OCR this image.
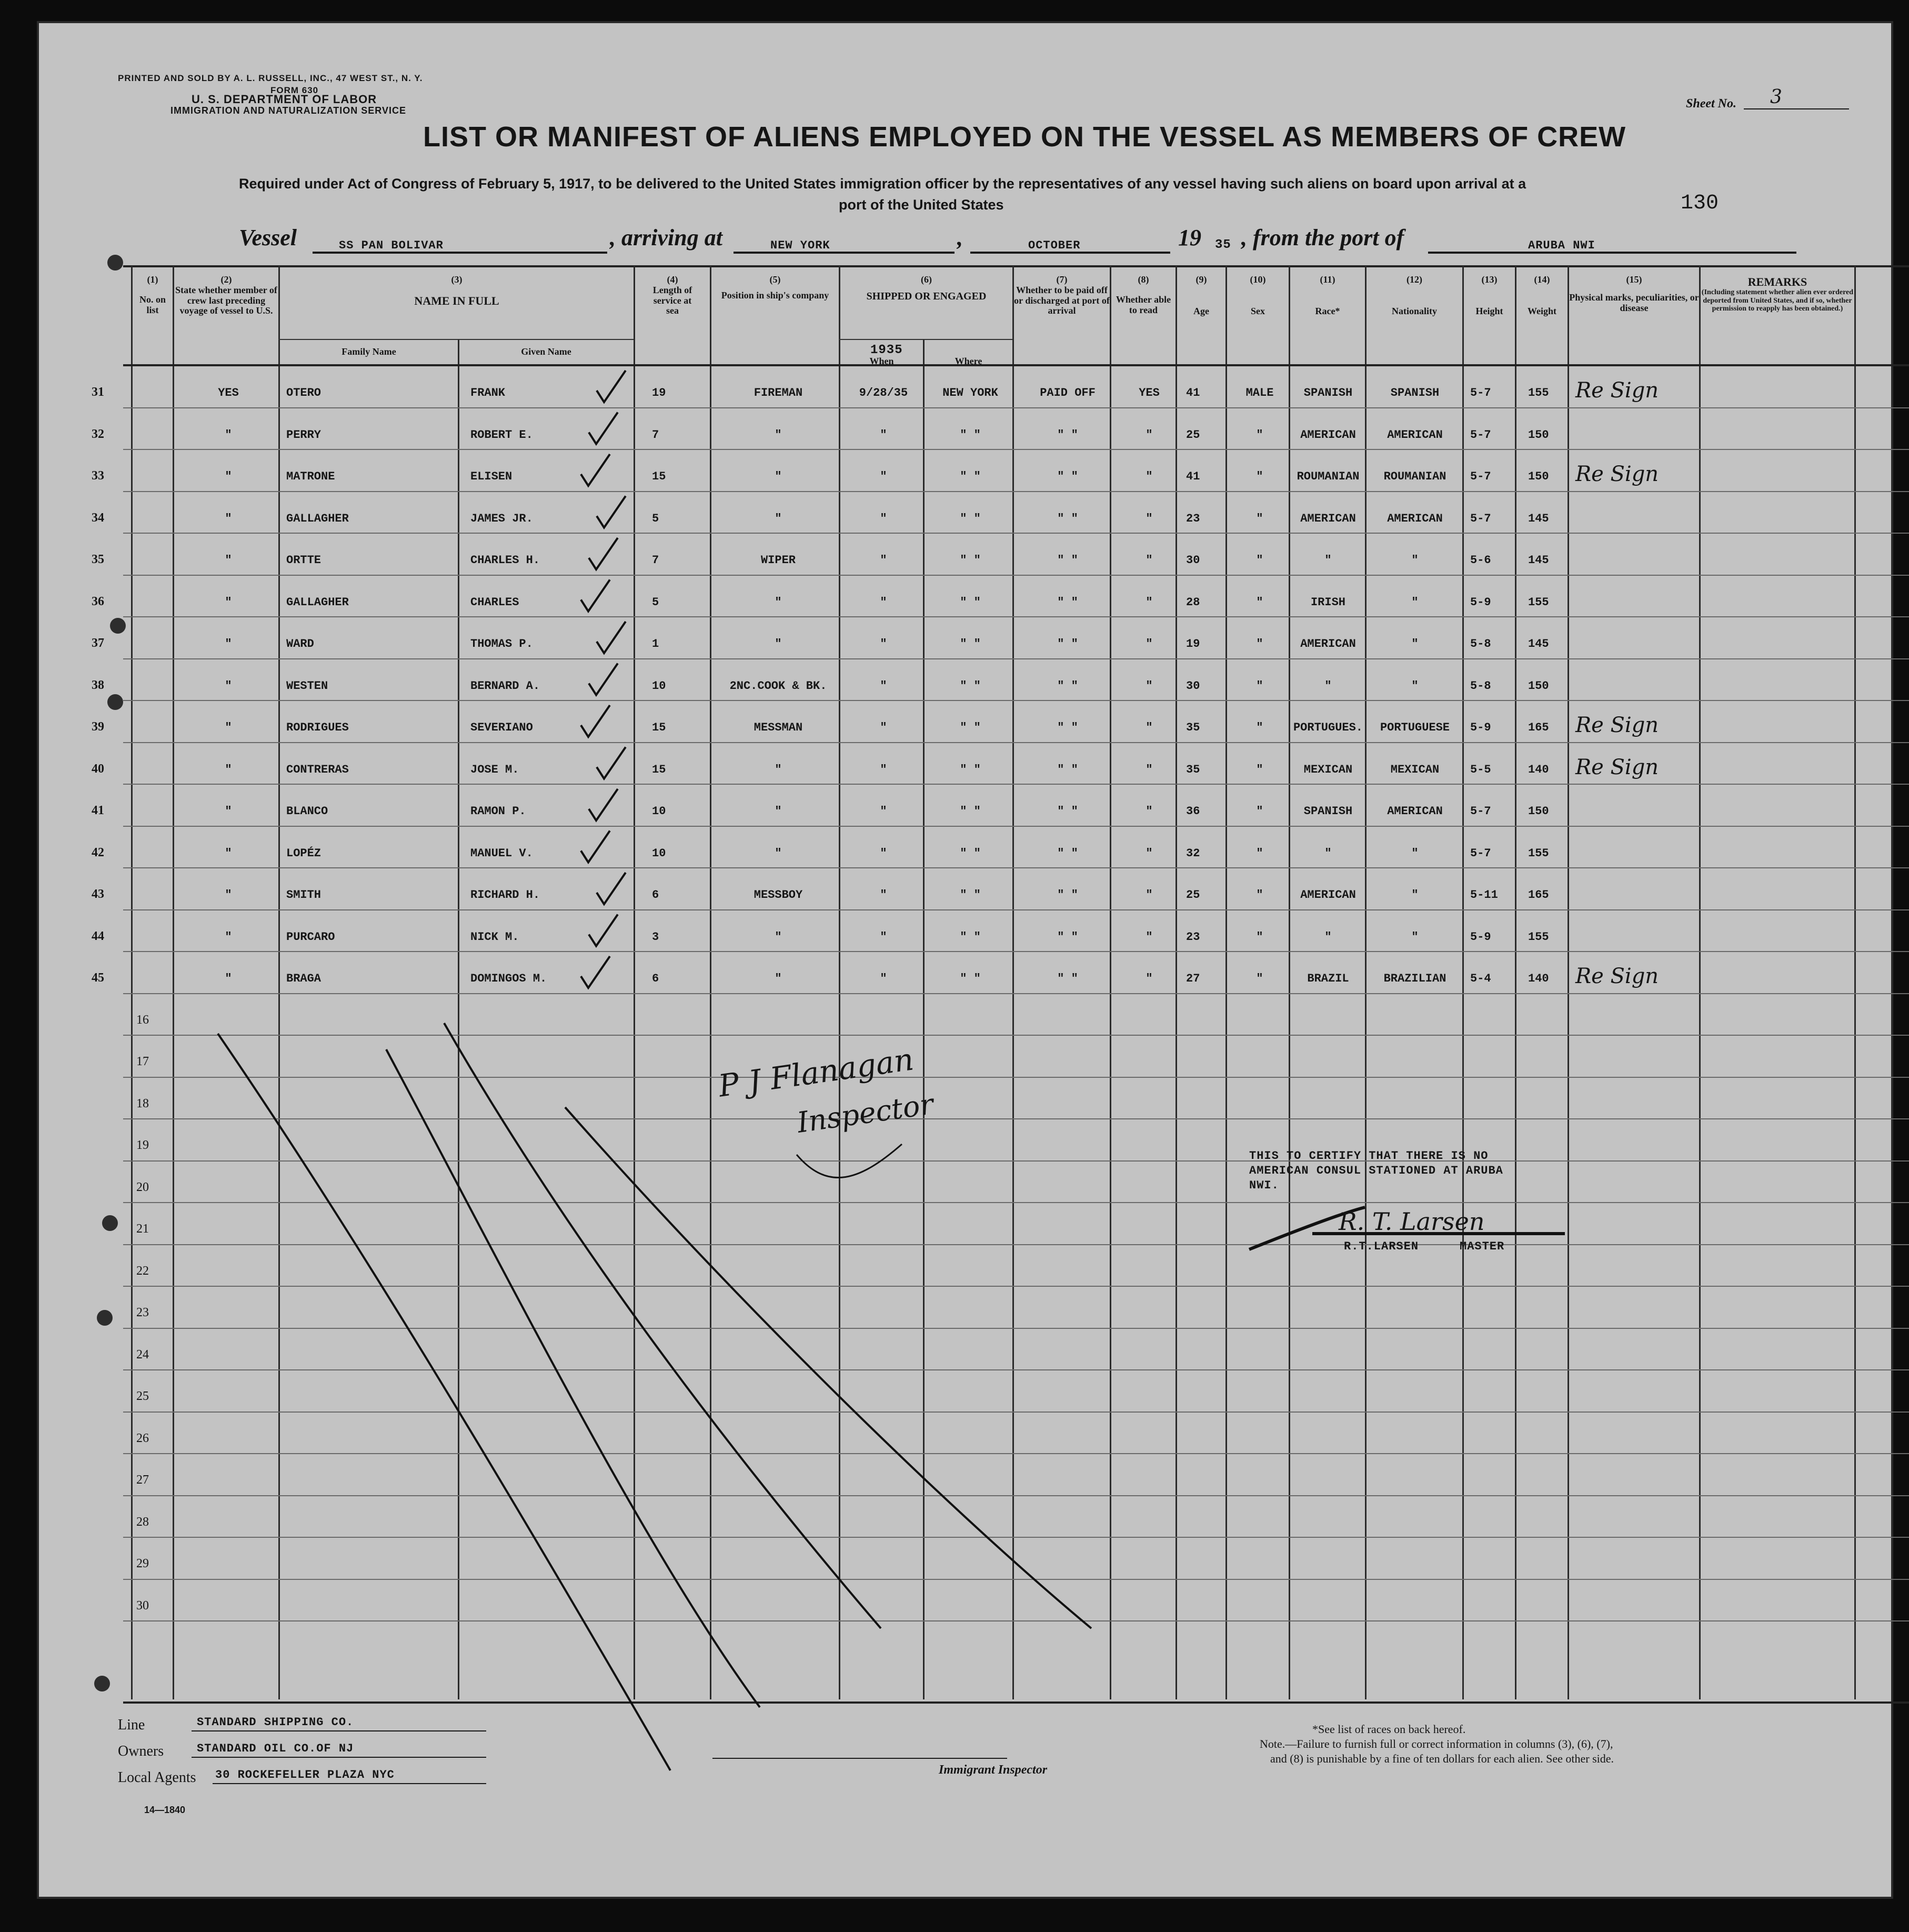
PRINTED AND SOLD BY A. L. RUSSELL, INC., 47 WEST ST., N. Y.
FORM 630
U. S. DEPARTMENT OF LABOR
IMMIGRATION AND NATURALIZATION SERVICE	Sheet No. 3
LIST OR MANIFEST OF ALIENS EMPLOYED ON THE VESSEL AS MEMBERS OF CREW
Required under Act of Congress of February 5, 1917, to be delivered to the United States immigration officer by the representatives of any vessel having such aliens on board upon arrival at a
port of the United States	130
Vessel	SS PAN BOLIVAR	, arriving at	NEW YORK	,	OCTOBER	19 35 , from the port of	ARUBA NWI
(1)
No. on list
(2)
State whether member of crew last preceding voyage of vessel to U.S.
(3)
NAME IN FULL
Family Name	Given Name
(4)
Length of service at sea
(5)
Position in ship's company
(6)
SHIPPED OR ENGAGED
1935
When	Where
(7)
Whether to be paid off or discharged at port of arrival
(8)
Whether able to read
(9)
Age
(10)
Sex
(11)
Race*
(12)
Nationality
(13)
Height
(14)
Weight
(15)
Physical marks, peculiarities, or disease
REMARKS
(Including statement whether alien ever ordered deported from United States, and if so, whether permission to reapply has been obtained.)
31	YES	OTERO	FRANK	19	FIREMAN	9/28/35	NEW YORK	PAID OFF	YES	41	MALE	SPANISH	SPANISH	5-7	155 Re Sign
32	"	PERRY	ROBERT E.	7	"	"	" "	" "	"	25	"	AMERICAN	AMERICAN	5-7	150
33	"	MATRONE	ELISEN	15	"	"	" "	" "	"	41	"	ROUMANIAN	ROUMANIAN	5-7	150 Re Sign
34	"	GALLAGHER	JAMES JR.	5	"	"	" "	" "	"	23	"	AMERICAN	AMERICAN	5-7	145
35	"	ORTTE	CHARLES H.	7	WIPER	"	" "	" "	"	30	"	"	"	5-6	145
36	"	GALLAGHER	CHARLES	5	"	"	" "	" "	"	28	"	IRISH	"	5-9	155
37	"	WARD	THOMAS P.	1	"	"	" "	" "	"	19	"	AMERICAN	"	5-8	145
38	"	WESTEN	BERNARD A.	10	2NC.COOK & BK.	"	" "	" "	"	30	"	"	"	5-8	150
39	"	RODRIGUES	SEVERIANO	15	MESSMAN	"	" "	" "	"	35	"	PORTUGUES.	PORTUGUESE	5-9	165 Re Sign
40	"	CONTRERAS	JOSE M.	15	"	"	" "	" "	"	35	"	MEXICAN	MEXICAN	5-5	140 Re Sign
41	"	BLANCO	RAMON P.	10	"	"	" "	" "	"	36	"	SPANISH	AMERICAN	5-7	150
42	"	LOPÉZ	MANUEL V.	10	"	"	" "	" "	"	32	"	"	"	5-7	155
43	"	SMITH	RICHARD H.	6	MESSBOY	"	" "	" "	"	25	"	AMERICAN	"	5-11	165
44	"	PURCARO	NICK M.	3	"	"	" "	" "	"	23	"	"	"	5-9	155
45	"	BRAGA	DOMINGOS M.	6	"	"	" "	" "	"	27	"	BRAZIL	BRAZILIAN	5-4	140 Re Sign
16
17
18
19
20
21
22
23
24
25
26
27
28
29
30
P J Flanagan
Inspector
THIS TO CERTIFY THAT THERE IS NO
AMERICAN CONSUL STATIONED AT ARUBA
NWI.
R. T. Larsen
R.T.LARSEN	MASTER
Line	STANDARD SHIPPING CO.
Owners	STANDARD OIL CO.OF NJ
Local Agents 30 ROCKEFELLER PLAZA NYC
14—1840
Immigrant Inspector
*See list of races on back hereof.
Note.—Failure to furnish full or correct information in columns (3), (6), (7),
and (8) is punishable by a fine of ten dollars for each alien. See other side.
